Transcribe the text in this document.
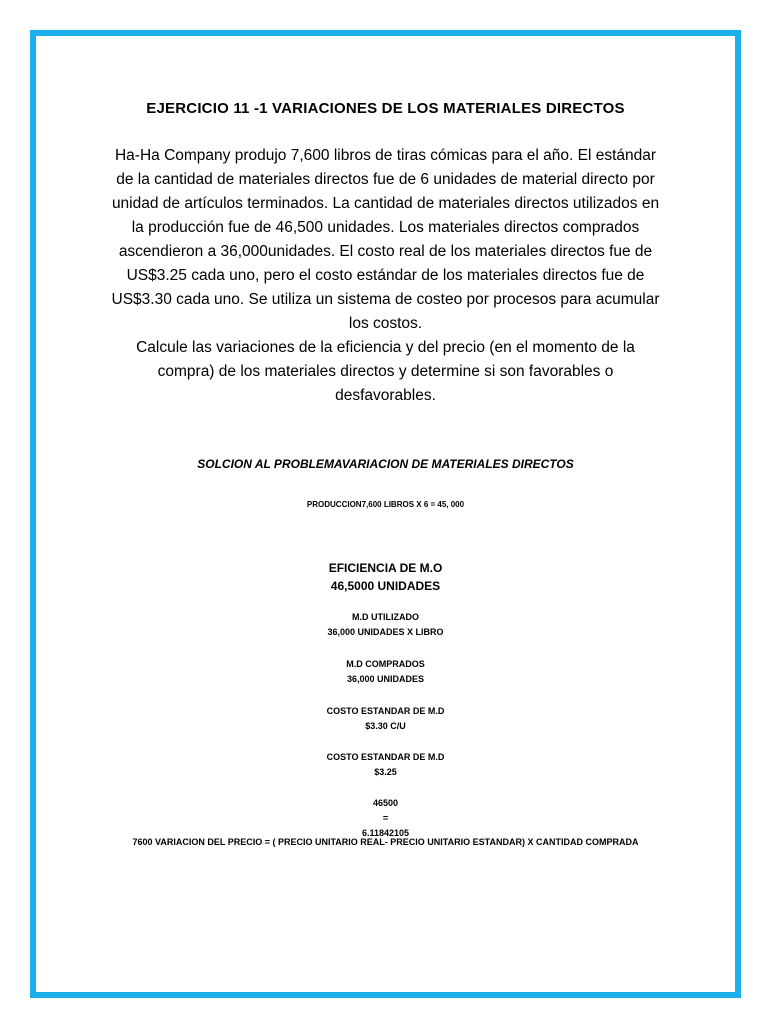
EJERCICIO 11 -1 VARIACIONES DE LOS MATERIALES DIRECTOS

Ha-Ha Company produjo 7,600 libros de tiras cómicas para el año. El estándar de la cantidad de materiales directos fue de 6 unidades de material directo por unidad de artículos terminados. La cantidad de materiales directos utilizados en la producción fue de 46,500 unidades. Los materiales directos comprados ascendieron a 36,000unidades. El costo real de los materiales directos fue de US$3.25 cada uno, pero el costo estándar de los materiales directos fue de US$3.30 cada uno. Se utiliza un sistema de costeo por procesos para acumular los costos.

Calcule las variaciones de la eficiencia y del precio (en el momento de la compra) de los materiales directos y determine si son favorables o desfavorables.

SOLCION AL PROBLEMAVARIACION DE MATERIALES DIRECTOS
PRODUCCION7,600 LIBROS X 6 = 45, 000
EFICIENCIA DE M.O
46,5000 UNIDADES
M.D UTILIZADO
36,000 UNIDADES X LIBRO
M.D COMPRADOS
36,000 UNIDADES
COSTO ESTANDAR DE M.D
$3.30 C/U
COSTO ESTANDAR DE M.D
$3.25
46500
=
6.11842105
7600 VARIACION DEL PRECIO = ( PRECIO UNITARIO REAL- PRECIO UNITARIO ESTANDAR) X CANTIDAD COMPRADA
